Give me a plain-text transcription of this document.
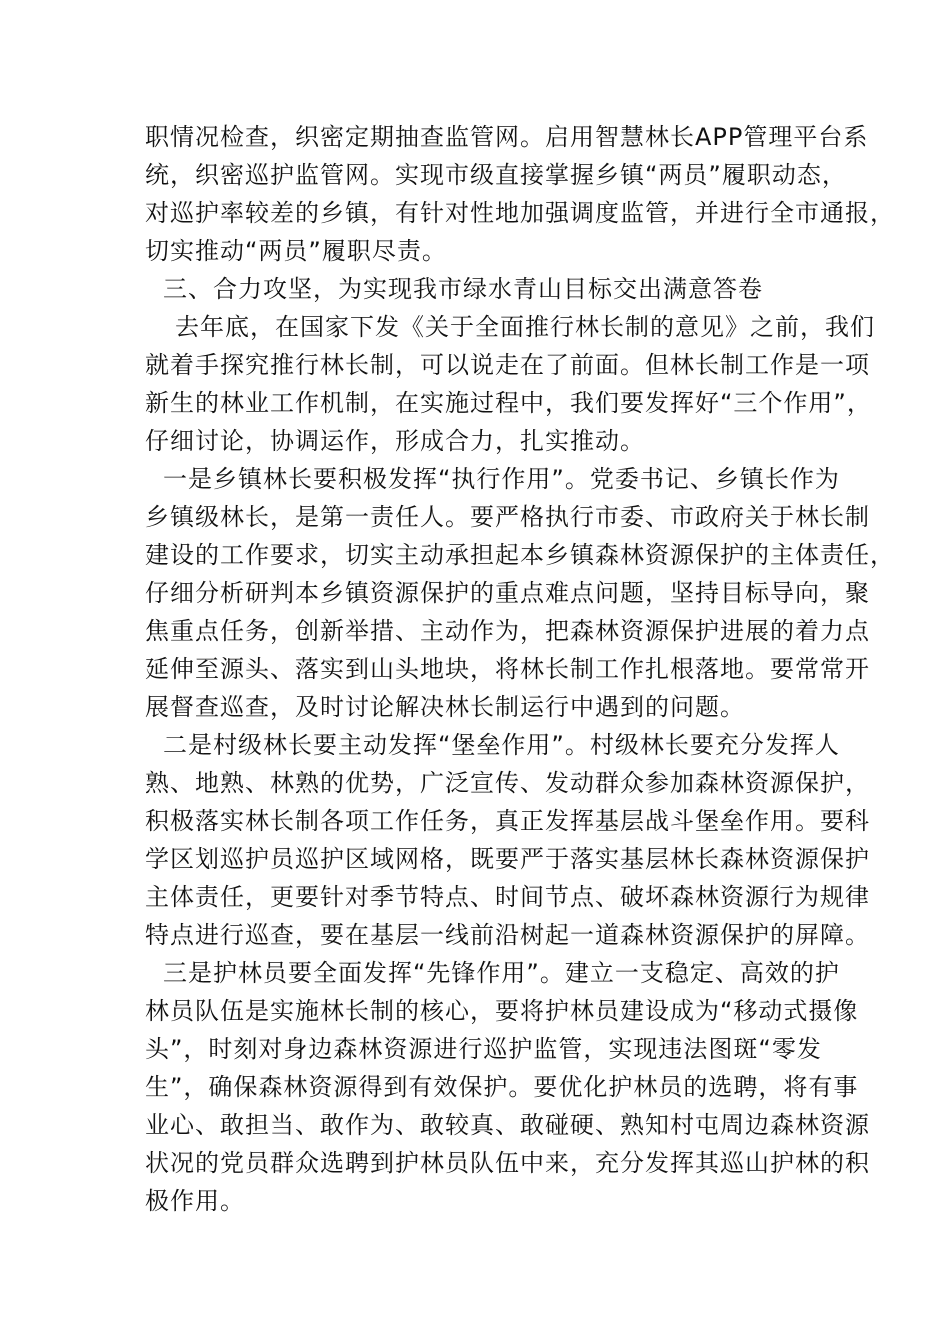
职情况检查，织密定期抽查监管网。启用智慧林长APP管理平台系
统，织密巡护监管网。实现市级直接掌握乡镇“两员”履职动态，
对巡护率较差的乡镇，有针对性地加强调度监管，并进行全市通报，
切实推动“两员”履职尽责。
三、合力攻坚，为实现我市绿水青山目标交出满意答卷
去年底，在国家下发《关于全面推行林长制的意见》之前，我们
就着手探究推行林长制，可以说走在了前面。但林长制工作是一项
新生的林业工作机制，在实施过程中，我们要发挥好“三个作用”，
仔细讨论，协调运作，形成合力，扎实推动。
一是乡镇林长要积极发挥“执行作用”。党委书记、乡镇长作为
乡镇级林长，是第一责任人。要严格执行市委、市政府关于林长制
建设的工作要求，切实主动承担起本乡镇森林资源保护的主体责任，
仔细分析研判本乡镇资源保护的重点难点问题，坚持目标导向，聚
焦重点任务，创新举措、主动作为，把森林资源保护进展的着力点
延伸至源头、落实到山头地块，将林长制工作扎根落地。要常常开
展督查巡查，及时讨论解决林长制运行中遇到的问题。
二是村级林长要主动发挥“堡垒作用”。村级林长要充分发挥人
熟、地熟、林熟的优势，广泛宣传、发动群众参加森林资源保护，
积极落实林长制各项工作任务，真正发挥基层战斗堡垒作用。要科
学区划巡护员巡护区域网格，既要严于落实基层林长森林资源保护
主体责任，更要针对季节特点、时间节点、破坏森林资源行为规律
特点进行巡查，要在基层一线前沿树起一道森林资源保护的屏障。
三是护林员要全面发挥“先锋作用”。建立一支稳定、高效的护
林员队伍是实施林长制的核心，要将护林员建设成为“移动式摄像
头”，时刻对身边森林资源进行巡护监管，实现违法图斑“零发
生”，确保森林资源得到有效保护。要优化护林员的选聘，将有事
业心、敢担当、敢作为、敢较真、敢碰硬、熟知村屯周边森林资源
状况的党员群众选聘到护林员队伍中来，充分发挥其巡山护林的积
极作用。
